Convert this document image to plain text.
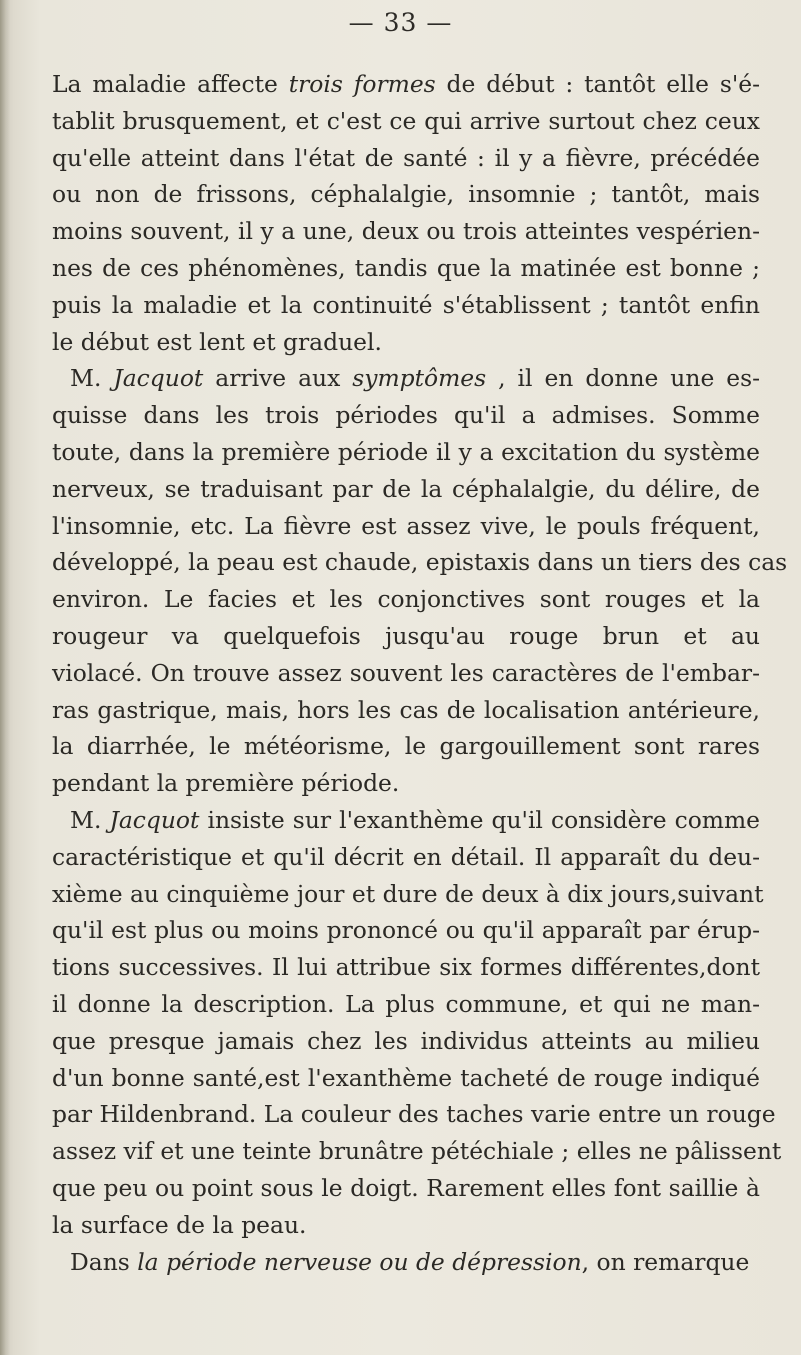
— 33 —
La maladie affecte trois formes de début : tantôt elle s'é-
tablit brusquement, et c'est ce qui arrive surtout chez ceux
qu'elle atteint dans l'état de santé : il y a fièvre, précédée
ou non de frissons, céphalalgie, insomnie ; tantôt, mais
moins souvent, il y a une, deux ou trois atteintes vespérien-
nes de ces phénomènes, tandis que la matinée est bonne ;
puis la maladie et la continuité s'établissent ; tantôt enfin
le début est lent et graduel.
M. Jacquot arrive aux symptômes , il en donne une es-
quisse dans les trois périodes qu'il a admises. Somme
toute, dans la première période il y a excitation du système
nerveux, se traduisant par de la céphalalgie, du délire, de
l'insomnie, etc. La fièvre est assez vive, le pouls fréquent,
développé, la peau est chaude, epistaxis dans un tiers des cas
environ. Le facies et les conjonctives sont rouges et la
rougeur va quelquefois jusqu'au rouge brun et au
violacé. On trouve assez souvent les caractères de l'embar-
ras gastrique, mais, hors les cas de localisation antérieure,
la diarrhée, le météorisme, le gargouillement sont rares
pendant la première période.
M. Jacquot insiste sur l'exanthème qu'il considère comme
caractéristique et qu'il décrit en détail. Il apparaît du deu-
xième au cinquième jour et dure de deux à dix jours,suivant
qu'il est plus ou moins prononcé ou qu'il apparaît par érup-
tions successives. Il lui attribue six formes différentes,dont
il donne la description. La plus commune, et qui ne man-
que presque jamais chez les individus atteints au milieu
d'un bonne santé,est l'exanthème tacheté de rouge indiqué
par Hildenbrand. La couleur des taches varie entre un rouge
assez vif et une teinte brunâtre pétéchiale ; elles ne pâlissent
que peu ou point sous le doigt. Rarement elles font saillie à
la surface de la peau.
Dans la période nerveuse ou de dépression, on remarque
